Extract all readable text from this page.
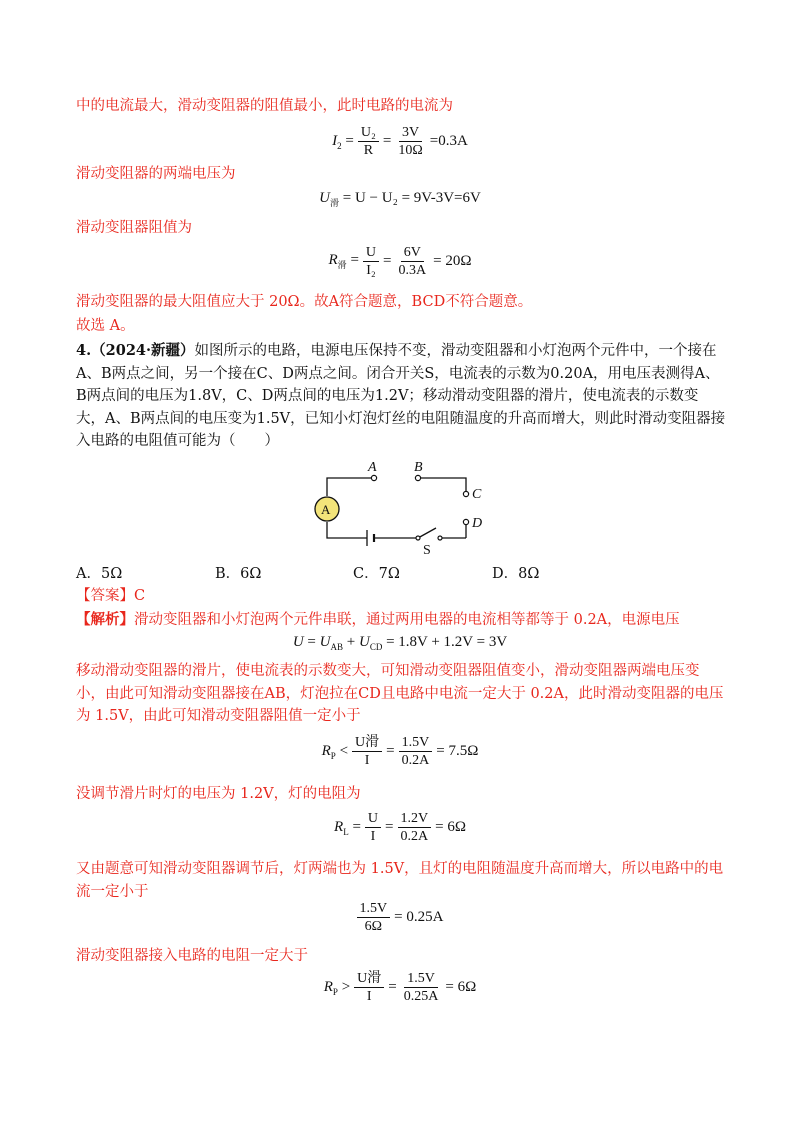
中的电流最大，滑动变阻器的阻值最小，此时电路的电流为
$I_2 = \frac{\text{U₂}}{R} = \frac{3V}{10\Omega} =0.3A$
滑动变阻器的两端电压为
$U_滑 = U - U_2 = 9V-3V=6V$
滑动变阻器阻值为
$R_滑 = \frac{U}{\text{I₂}} = \frac{6V}{0.3A} = 20\Omega$
滑动变阻器的最大阻值应大于 20Ω。故A符合题意，BCD不符合题意。
故选 A。
4.（2024·新疆）如图所示的电路，电源电压保持不变，滑动变阻器和小灯泡两个元件中，一个接在A、B两点之间，另一个接在C、D两点之间。闭合开关S，电流表的示数为0.20A，用电压表测得A、B两点间的电压为1.8V，C、D两点间的电压为1.2V；移动滑动变阻器的滑片，使电流表的示数变大，A、B两点间的电压变为1.5V，已知小灯泡灯丝的电阻随温度的升高而增大，则此时滑动变阻器接入电路的电阻值可能为（　　）
A
A	B
C
D
S
A．5Ω	B．6Ω	C．7Ω	D．8Ω
【答案】C
【解析】滑动变阻器和小灯泡两个元件串联，通过两用电器的电流相等都等于 0.2A，电源电压
$U = U_{AB} + U_{CD} = 1.8V + 1.2V = 3V$
移动滑动变阻器的滑片，使电流表的示数变大，可知滑动变阻器阻值变小，滑动变阻器两端电压变小，由此可知滑动变阻器接在AB，灯泡拉在CD且电路中电流一定大于 0.2A，此时滑动变阻器的电压为 1.5V，由此可知滑动变阻器阻值一定小于
$R_P < \frac{\text{U滑}}{I} = \frac{1.5V}{0.2A} = 7.5\Omega$
没调节滑片时灯的电压为 1.2V，灯的电阻为
$R_L = \frac{U}{I} = \frac{1.2V}{0.2A} = 6\Omega$
又由题意可知滑动变阻器调节后，灯两端也为 1.5V，且灯的电阻随温度升高而增大，所以电路中的电流一定小于
$\frac{1.5V}{6\Omega} = 0.25A$
滑动变阻器接入电路的电阻一定大于
$R_P > \frac{\text{U滑}}{I} = \frac{1.5V}{0.25A} = 6\Omega$
